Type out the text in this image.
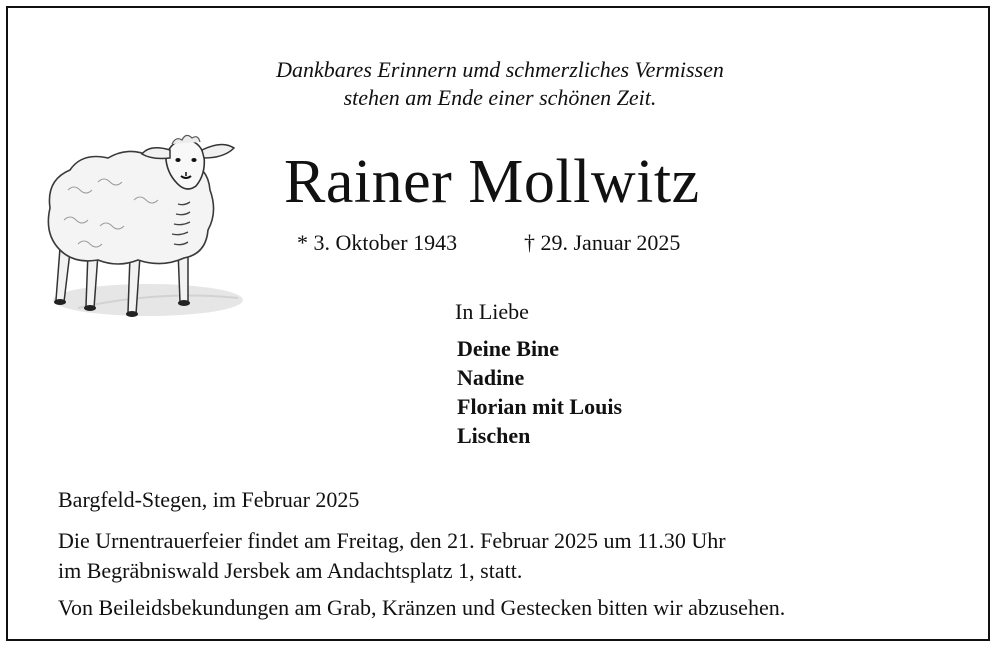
Dankbares Erinnern umd schmerzliches Vermissen
stehen am Ende einer schönen Zeit.
Rainer Mollwitz
* 3. Oktober 1943	† 29. Januar 2025
In Liebe
Deine Bine
Nadine
Florian mit Louis
Lischen
Bargfeld-Stegen, im Februar 2025
Die Urnentrauerfeier findet am Freitag, den 21. Februar 2025 um 11.30 Uhr
im Begräbniswald Jersbek am Andachtsplatz 1, statt.
Von Beileidsbekundungen am Grab, Kränzen und Gestecken bitten wir abzusehen.
